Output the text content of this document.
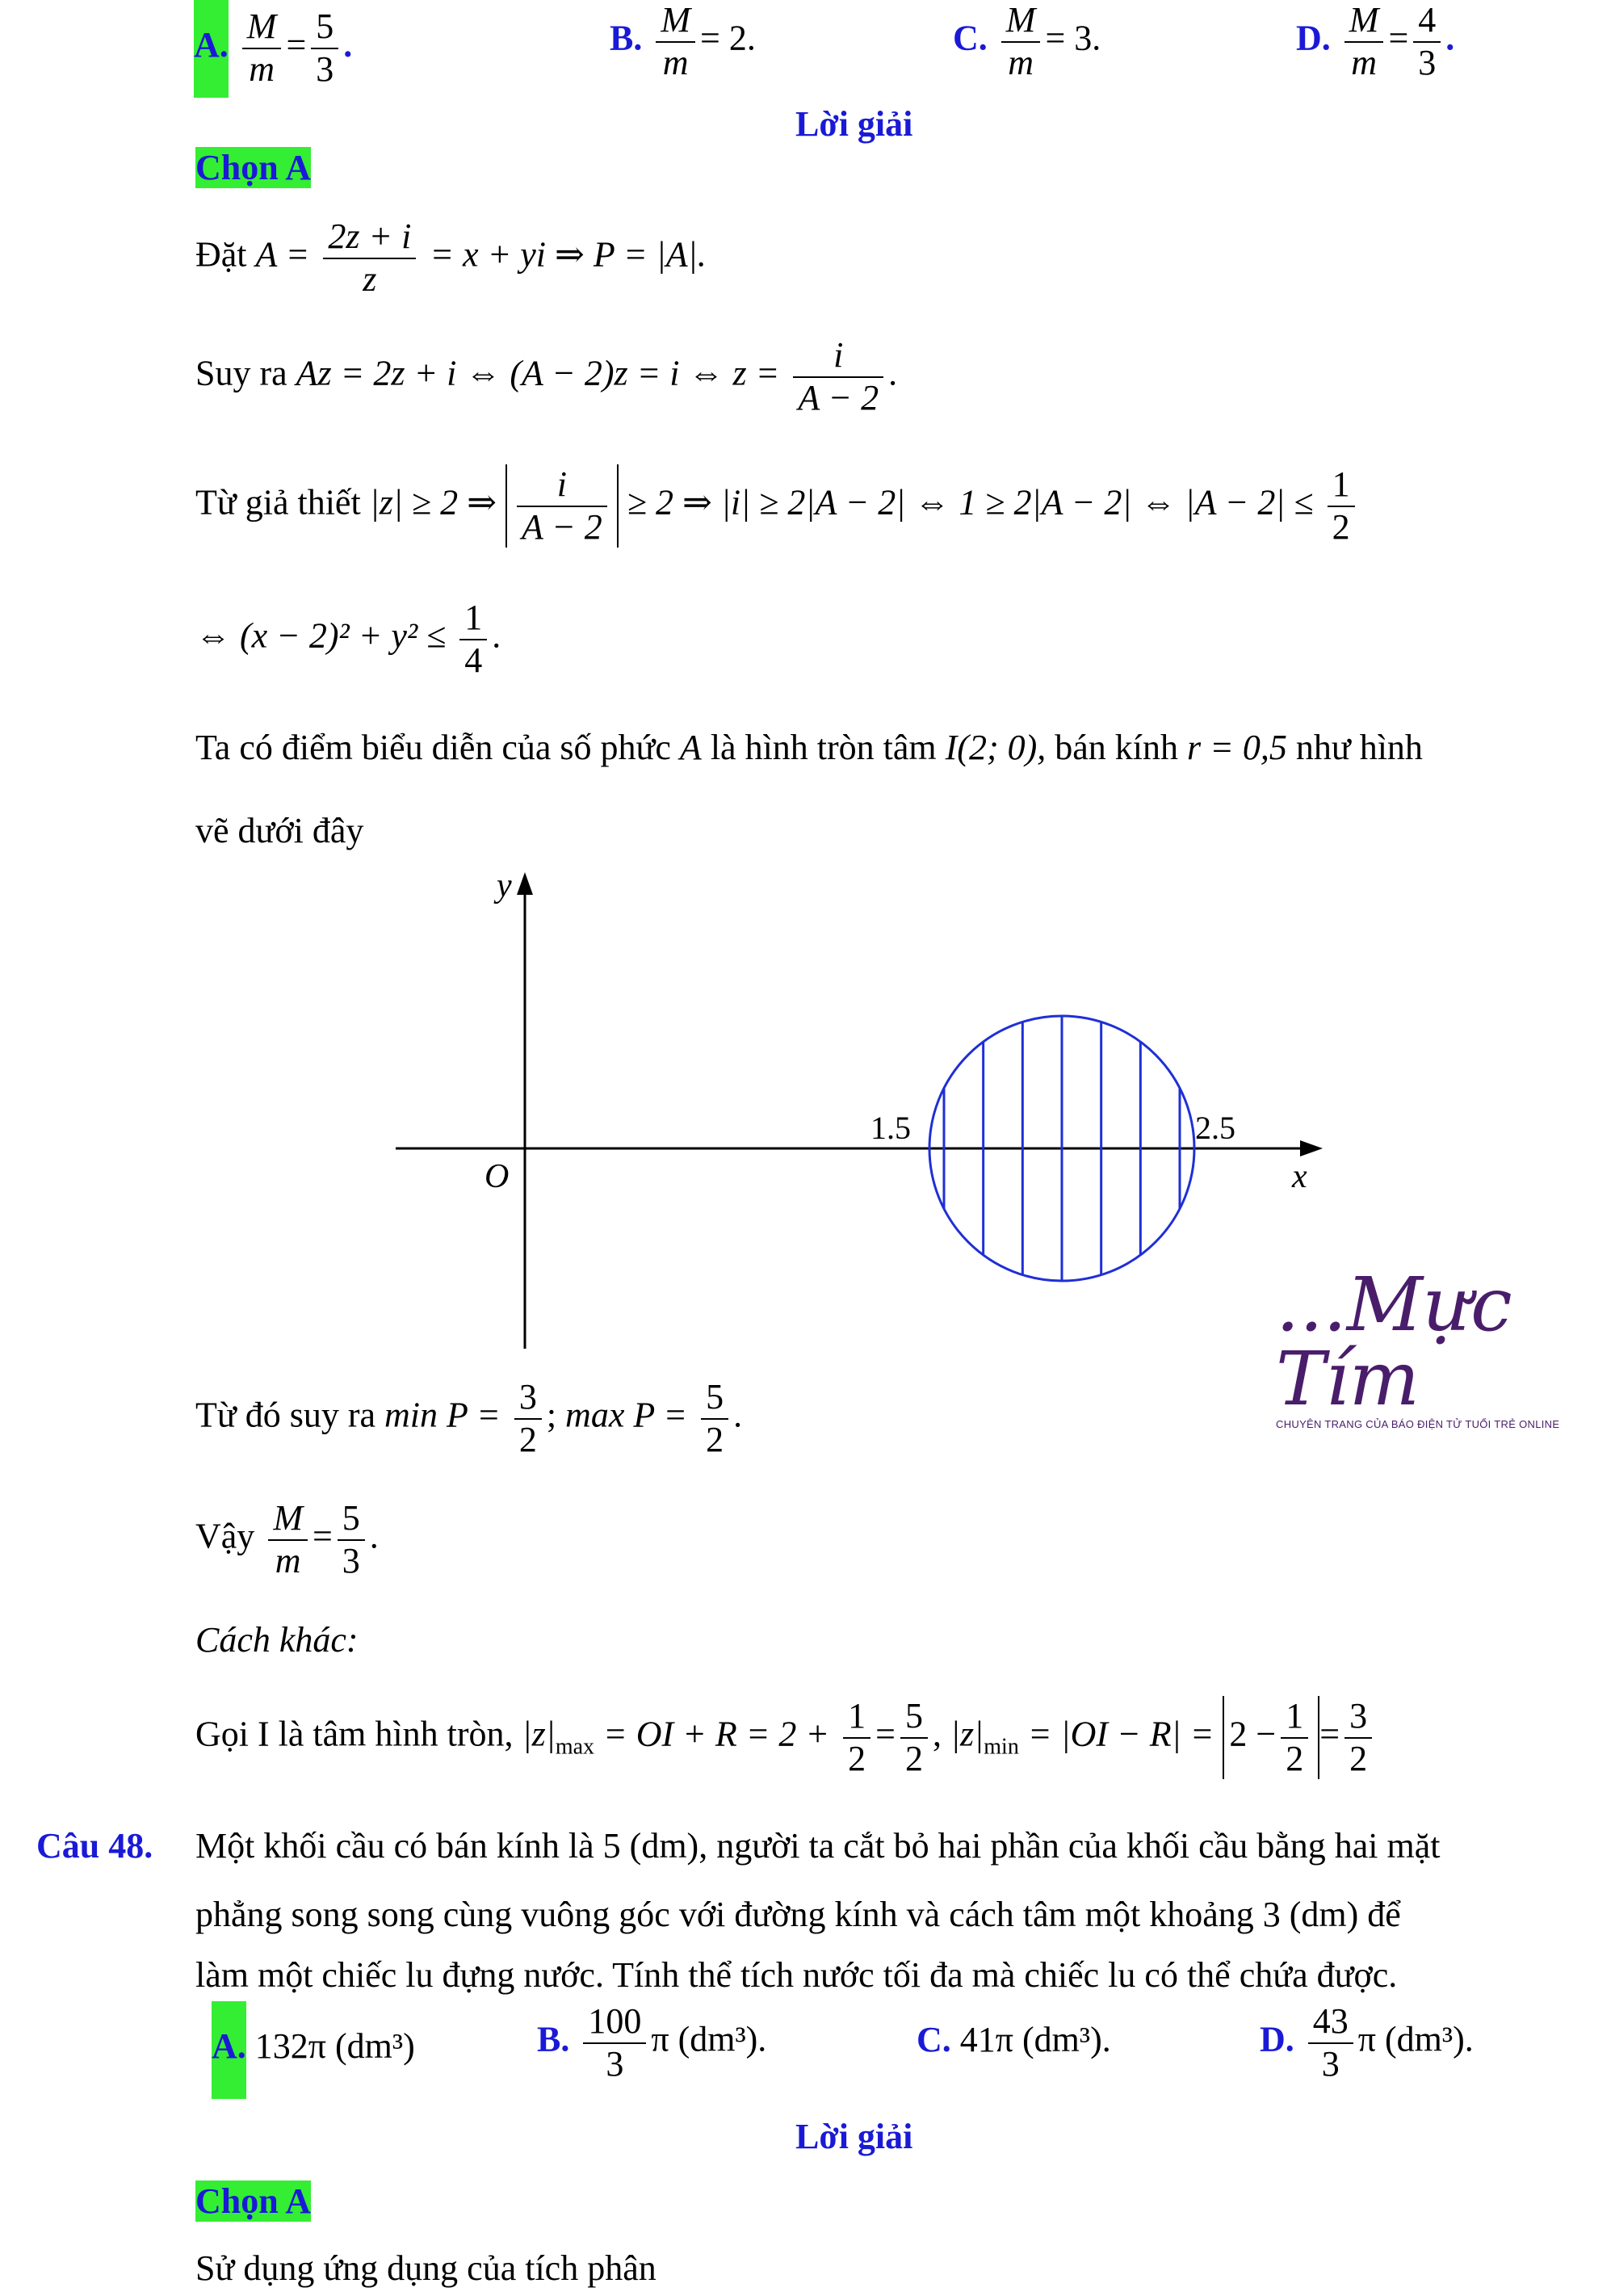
A. $\frac{M}{m} = \frac{5}{3}$ .	B. $\frac{M}{m} = 2$.	C. $\frac{M}{m} = 3$.	D. $\frac{M}{m} = \frac{4}{3}$ .
Lời giải
Chọn A
Đặt $A = \frac{2z + i}{z} = x$ + yi ⇒ P = |A|.
Suy ra Az = 2z + i ⇔ (A − 2)z = i ⇔ $z = \frac{i}{A - 2}$ .
Từ giả thiết |z| ≥ 2 ⇒ $\frac{i}{A - 2} \ge 2$ ⇒ |i| ≥ 2|A − 2| ⇔ 1 ≥ 2|A − 2| ⇔ $|A - 2| \le \frac{1}{2}$
⇔ $(x - 2)^2 + y^2 \le \frac{1}{4}$ .
Ta có điểm biểu diễn của số phức A là hình tròn tâm I(2; 0), bán kính r = 0,5 như hình
vẽ dưới đây
y
x
O
1.5	2.5
...Mực Tím
CHUYÊN TRANG CỦA BÁO ĐIỆN TỬ TUỔI TRẺ ONLINE
Từ đó suy ra $\min P = \frac{3}{2}$ ; $\max P = \frac{5}{2}$ .
Vậy $\frac{M}{m} = \frac{5}{3}$ .
Cách khác:
Gọi I là tâm hình tròn, $|z|_{max}$ = OI + $R = 2 + \frac{1}{2} = \frac{5}{2}$ , $|z|_{min} = |OI - R| = 2 - \frac{1}{2} = \frac{3}{2}$
Câu 48. Một khối cầu có bán kính là 5 (dm), người ta cắt bỏ hai phần của khối cầu bằng hai mặt
phẳng song song cùng vuông góc với đường kính và cách tâm một khoảng 3 (dm) để
làm một chiếc lu đựng nước. Tính thể tích nước tối đa mà chiếc lu có thể chứa được.
A. 132π (dm³)	B. $\frac{100}{3}$ π (dm³).	C. 41π (dm³).	D. $\frac{43}{3}$ π (dm³).
Lời giải
Chọn A
Sử dụng ứng dụng của tích phân
